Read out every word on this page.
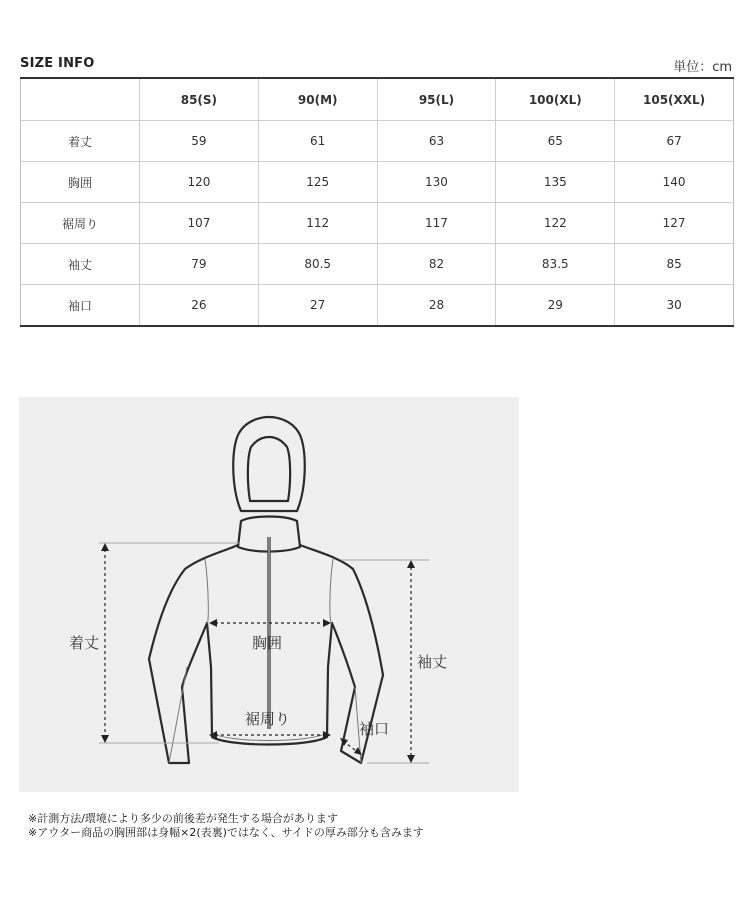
SIZE INFO	単位：cm
	85(S)	90(M)	95(L)	100(XL)	105(XXL)
着丈	59	61	63	65	67
胸囲	120	125	130	135	140
裾周り	107	112	117	122	127
袖丈	79	80.5	82	83.5	85
袖口	26	27	28	29	30
着丈	胸囲
裾周り
袖丈
袖口
※計測方法/環境により多少の前後差が発生する場合があります
※アウター商品の胸囲部は身幅×2(表裏)ではなく、サイドの厚み部分も含みます
